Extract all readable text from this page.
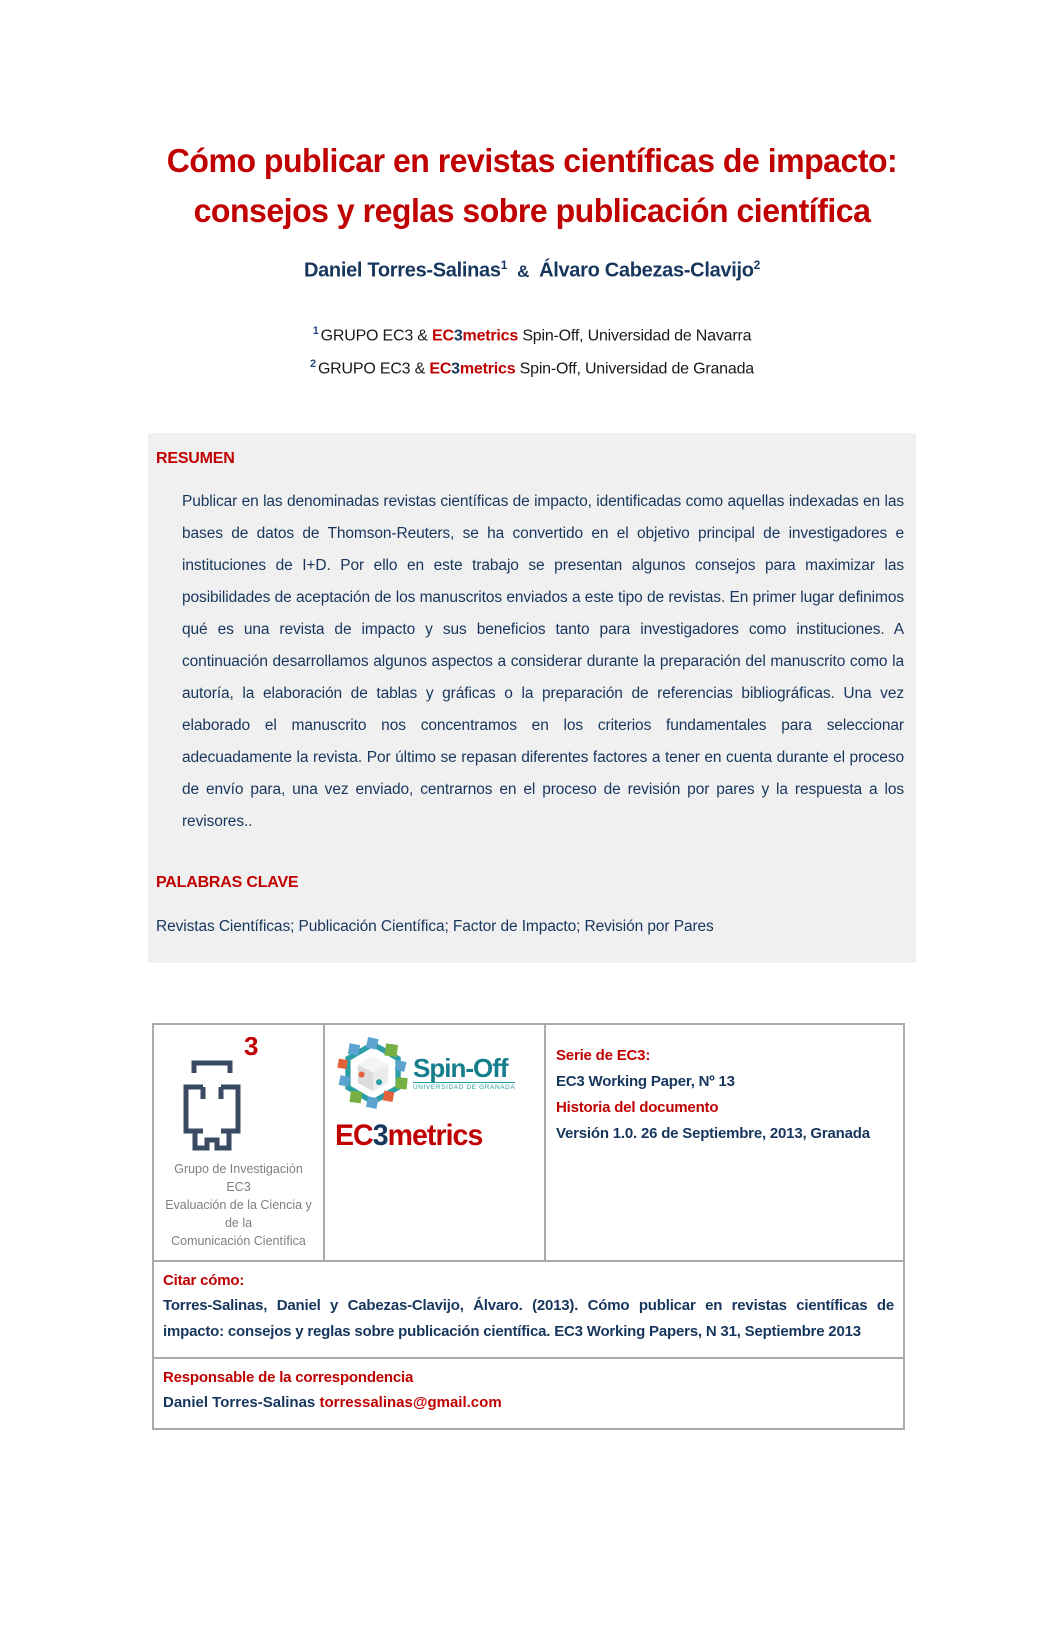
Cómo publicar en revistas científicas de impacto:
consejos y reglas sobre publicación científica
Daniel Torres-Salinas$^1$ & Álvaro Cabezas-Clavijo$^2$
$^1$ GRUPO EC3 & EC3metrics Spin-Off, Universidad de Navarra
$^2$ GRUPO EC3 & EC3metrics Spin-Off, Universidad de Granada
RESUMEN
Publicar en las denominadas revistas científicas de impacto, identificadas como aquellas indexadas en las bases de datos de Thomson-Reuters, se ha convertido en el objetivo principal de investigadores e instituciones de I+D. Por ello en este trabajo se presentan algunos consejos para maximizar las posibilidades de aceptación de los manuscritos enviados a este tipo de revistas. En primer lugar definimos qué es una revista de impacto y sus beneficios tanto para investigadores como instituciones. A continuación desarrollamos algunos aspectos a considerar durante la preparación del manuscrito como la autoría, la elaboración de tablas y gráficas o la preparación de referencias bibliográficas. Una vez elaborado el manuscrito nos concentramos en los criterios fundamentales para seleccionar adecuadamente la revista. Por último se repasan diferentes factores a tener en cuenta durante el proceso de envío para, una vez enviado, centrarnos en el proceso de revisión por pares y la respuesta a los revisores..
PALABRAS CLAVE
Revistas Científicas; Publicación Científica; Factor de Impacto; Revisión por Pares
3
Grupo de Investigación EC3
Evaluación de la Ciencia y de la
Comunicación Científica
Spin-Off
UNIVERSIDAD DE GRANADA
EC3metrics
Serie de EC3:
EC3 Working Paper, Nº 13
Historia del documento
Versión 1.0. 26 de Septiembre, 2013, Granada
Citar cómo:
Torres-Salinas, Daniel y Cabezas-Clavijo, Álvaro. (2013). Cómo publicar en revistas científicas de impacto: consejos y reglas sobre publicación científica. EC3 Working Papers, N 31, Septiembre 2013
Responsable de la correspondencia
Daniel Torres-Salinas torressalinas@gmail.com
